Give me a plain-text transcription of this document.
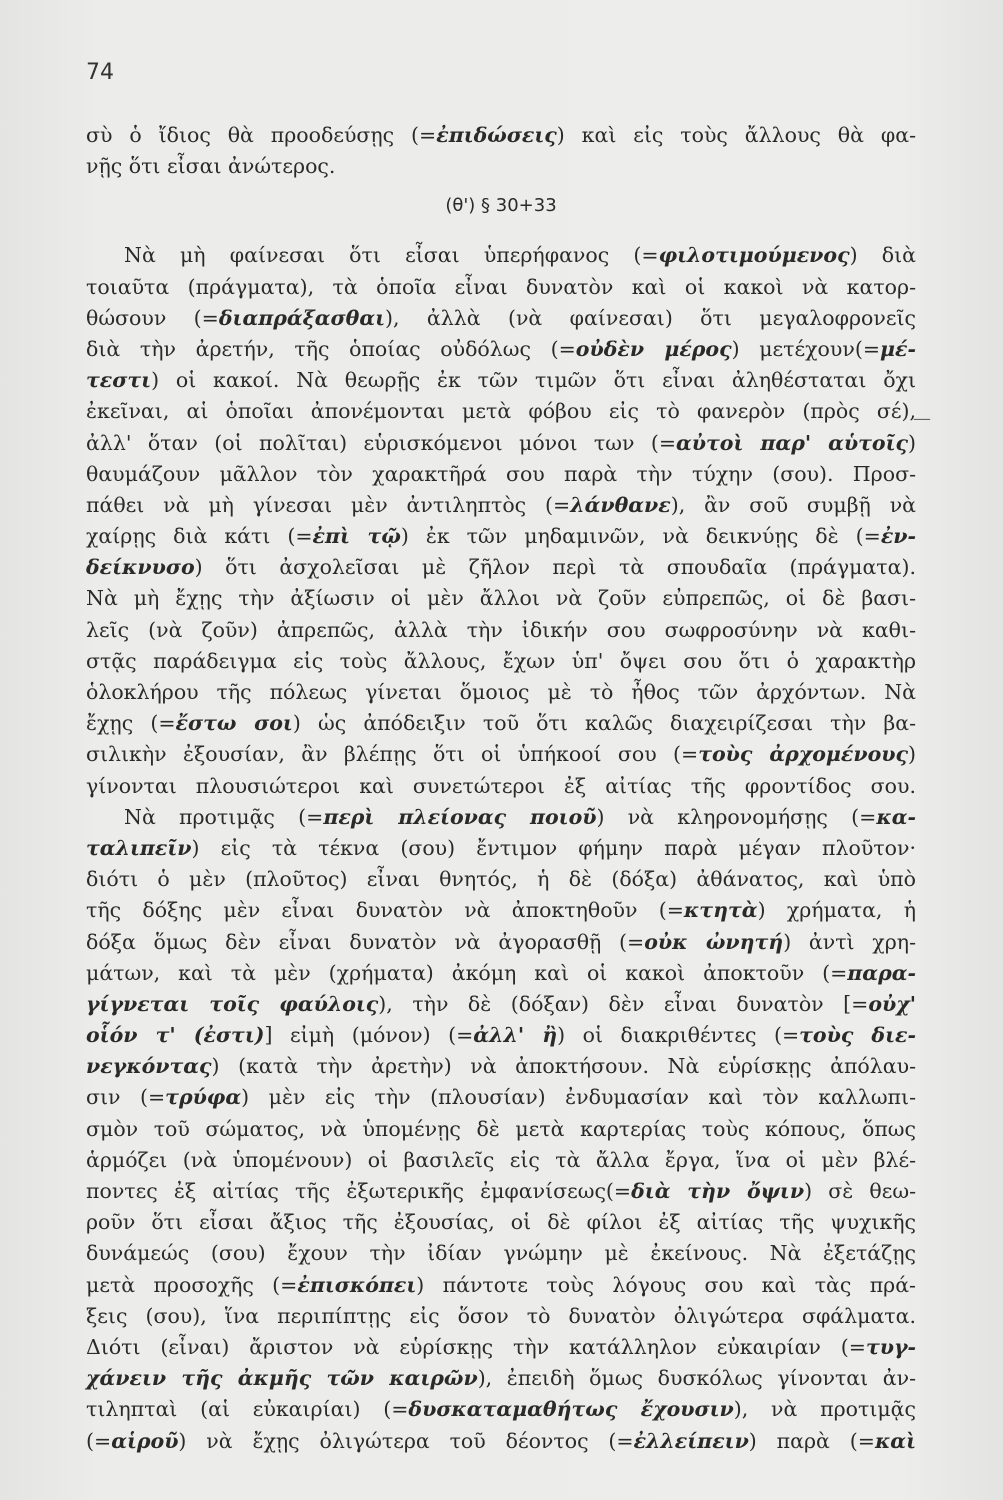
74
—
σὺ ὁ ἴδιος θὰ προοδεύσῃς (=ἐπιδώσεις) καὶ εἰς τοὺς ἄλλους θὰ φα-
νῇς ὅτι εἶσαι ἀνώτερος.
(θ') § 30+33
Νὰ μὴ φαίνεσαι ὅτι εἶσαι ὑπερήφανος (=φιλοτιμούμενος) διὰ
τοιαῦτα (πράγματα), τὰ ὁποῖα εἶναι δυνατὸν καὶ οἱ κακοὶ νὰ κατορ-
θώσουν (=διαπράξασθαι), ἀλλὰ (νὰ φαίνεσαι) ὅτι μεγαλοφρονεῖς
διὰ τὴν ἀρετήν, τῆς ὁποίας οὐδόλως (=οὐδὲν μέρος) μετέχουν(=μέ-
τεστι) οἱ κακοί. Νὰ θεωρῇς ἐκ τῶν τιμῶν ὅτι εἶναι ἀληθέσταται ὄχι
ἐκεῖναι, αἱ ὁποῖαι ἀπονέμονται μετὰ φόβου εἰς τὸ φανερὸν (πρὸς σέ),
ἀλλ' ὅταν (οἱ πολῖται) εὑρισκόμενοι μόνοι των (=αὐτοὶ παρ' αὑτοῖς)
θαυμάζουν μᾶλλον τὸν χαρακτῆρά σου παρὰ τὴν τύχην (σου). Προσ-
πάθει νὰ μὴ γίνεσαι μὲν ἀντιληπτὸς (=λάνθανε), ἂν σοῦ συμβῇ νὰ
χαίρῃς διὰ κάτι (=ἐπὶ τῷ) ἐκ τῶν μηδαμινῶν, νὰ δεικνύῃς δὲ (=ἐν-
δείκνυσο) ὅτι ἀσχολεῖσαι μὲ ζῆλον περὶ τὰ σπουδαῖα (πράγματα).
Νὰ μὴ ἔχῃς τὴν ἀξίωσιν οἱ μὲν ἄλλοι νὰ ζοῦν εὐπρεπῶς, οἱ δὲ βασι-
λεῖς (νὰ ζοῦν) ἀπρεπῶς, ἀλλὰ τὴν ἰδικήν σου σωφροσύνην νὰ καθι-
στᾷς παράδειγμα εἰς τοὺς ἄλλους, ἔχων ὑπ' ὄψει σου ὅτι ὁ χαρακτὴρ
ὁλοκλήρου τῆς πόλεως γίνεται ὅμοιος μὲ τὸ ἦθος τῶν ἀρχόντων. Νὰ
ἔχῃς (=ἔστω σοι) ὡς ἀπόδειξιν τοῦ ὅτι καλῶς διαχειρίζεσαι τὴν βα-
σιλικὴν ἐξουσίαν, ἂν βλέπῃς ὅτι οἱ ὑπήκοοί σου (=τοὺς ἀρχομένους)
γίνονται πλουσιώτεροι καὶ συνετώτεροι ἐξ αἰτίας τῆς φροντίδος σου.
Νὰ προτιμᾷς (=περὶ πλείονας ποιοῦ) νὰ κληρονομήσῃς (=κα-
ταλιπεῖν) εἰς τὰ τέκνα (σου) ἔντιμον φήμην παρὰ μέγαν πλοῦτον·
διότι ὁ μὲν (πλοῦτος) εἶναι θνητός, ἡ δὲ (δόξα) ἀθάνατος, καὶ ὑπὸ
τῆς δόξης μὲν εἶναι δυνατὸν νὰ ἀποκτηθοῦν (=κτητὰ) χρήματα, ἡ
δόξα ὅμως δὲν εἶναι δυνατὸν νὰ ἀγορασθῇ (=οὐκ ὠνητή) ἀντὶ χρη-
μάτων, καὶ τὰ μὲν (χρήματα) ἀκόμη καὶ οἱ κακοὶ ἀποκτοῦν (=παρα-
γίγνεται τοῖς φαύλοις), τὴν δὲ (δόξαν) δὲν εἶναι δυνατὸν [=οὐχ'
οἷόν τ' (ἐστι)] εἰμὴ (μόνον) (=ἀλλ' ἢ) οἱ διακριθέντες (=τοὺς διε-
νεγκόντας) (κατὰ τὴν ἀρετὴν) νὰ ἀποκτήσουν. Νὰ εὑρίσκῃς ἀπόλαυ-
σιν (=τρύφα) μὲν εἰς τὴν (πλουσίαν) ἐνδυμασίαν καὶ τὸν καλλωπι-
σμὸν τοῦ σώματος, νὰ ὑπομένῃς δὲ μετὰ καρτερίας τοὺς κόπους, ὅπως
ἁρμόζει (νὰ ὑπομένουν) οἱ βασιλεῖς εἰς τὰ ἄλλα ἔργα, ἵνα οἱ μὲν βλέ-
ποντες ἐξ αἰτίας τῆς ἐξωτερικῆς ἐμφανίσεως(=διὰ τὴν ὄψιν) σὲ θεω-
ροῦν ὅτι εἶσαι ἄξιος τῆς ἐξουσίας, οἱ δὲ φίλοι ἐξ αἰτίας τῆς ψυχικῆς
δυνάμεώς (σου) ἔχουν τὴν ἰδίαν γνώμην μὲ ἐκείνους. Νὰ ἐξετάζῃς
μετὰ προσοχῆς (=ἐπισκόπει) πάντοτε τοὺς λόγους σου καὶ τὰς πρά-
ξεις (σου), ἵνα περιπίπτῃς εἰς ὅσον τὸ δυνατὸν ὀλιγώτερα σφάλματα.
Διότι (εἶναι) ἄριστον νὰ εὑρίσκῃς τὴν κατάλληλον εὐκαιρίαν (=τυγ-
χάνειν τῆς ἀκμῆς τῶν καιρῶν), ἐπειδὴ ὅμως δυσκόλως γίνονται ἀν-
τιληπταὶ (αἱ εὐκαιρίαι) (=δυσκαταμαθήτως ἔχουσιν), νὰ προτιμᾷς
(=αἱροῦ) νὰ ἔχῃς ὀλιγώτερα τοῦ δέοντος (=ἐλλείπειν) παρὰ (=καὶ
